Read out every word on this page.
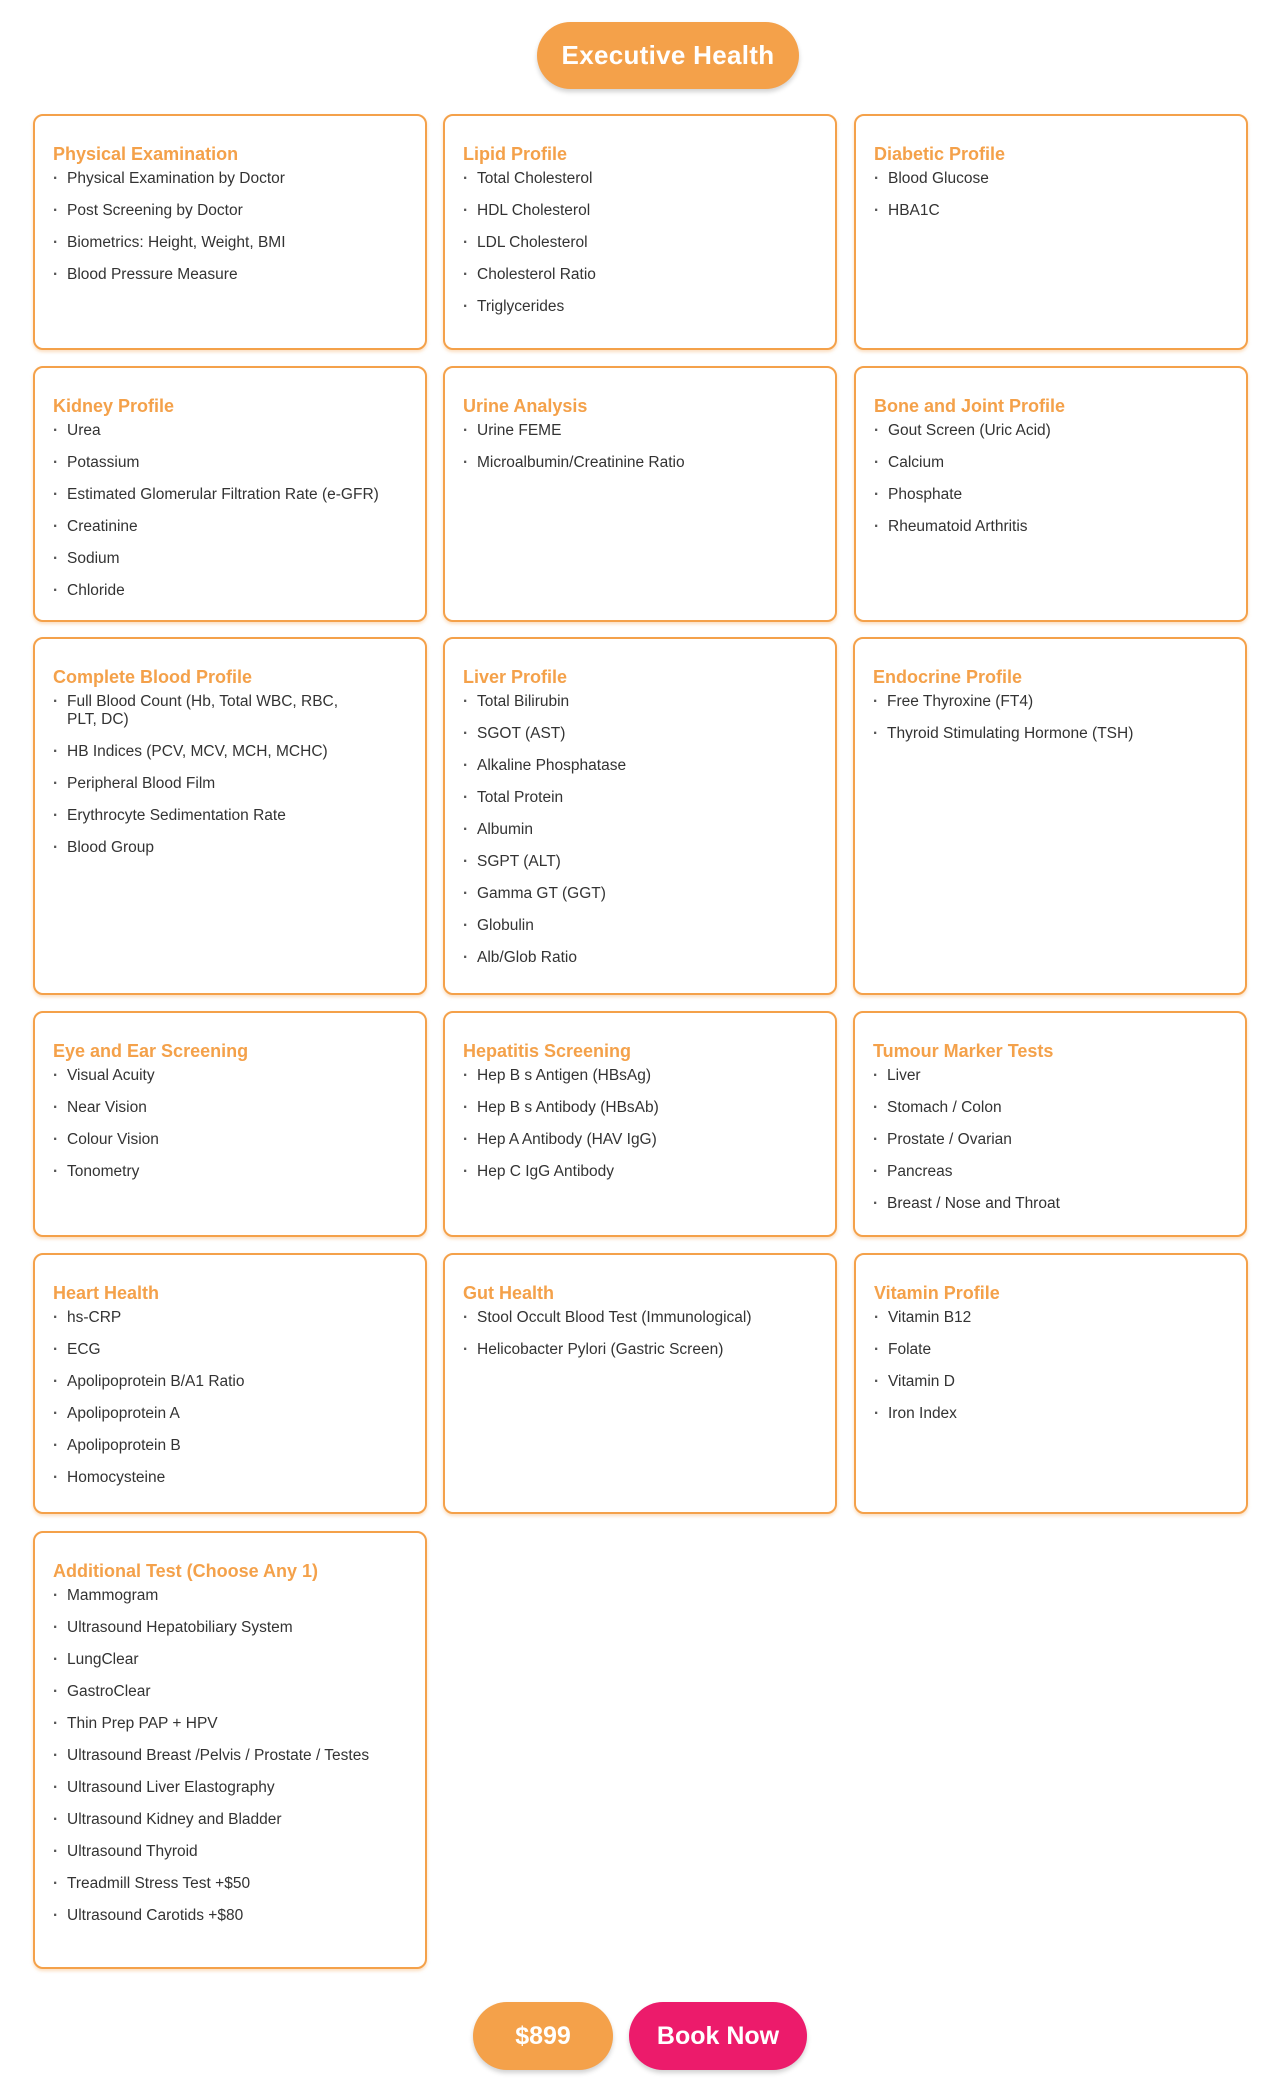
Executive Health
Physical Examination
· Physical Examination by Doctor
· Post Screening by Doctor
· Biometrics: Height, Weight, BMI
· Blood Pressure Measure
Lipid Profile
· Total Cholesterol
· HDL Cholesterol
· LDL Cholesterol
· Cholesterol Ratio
· Triglycerides
Diabetic Profile
· Blood Glucose
· HBA1C
Kidney Profile
· Urea
· Potassium
· Estimated Glomerular Filtration Rate (e-GFR)
· Creatinine
· Sodium
· Chloride
Urine Analysis
· Urine FEME
· Microalbumin/Creatinine Ratio
Bone and Joint Profile
· Gout Screen (Uric Acid)
· Calcium
· Phosphate
· Rheumatoid Arthritis
Complete Blood Profile
· Full Blood Count (Hb, Total WBC, RBC, PLT, DC)
· HB Indices (PCV, MCV, MCH, MCHC)
· Peripheral Blood Film
· Erythrocyte Sedimentation Rate
· Blood Group
Liver Profile
· Total Bilirubin
· SGOT (AST)
· Alkaline Phosphatase
· Total Protein
· Albumin
· SGPT (ALT)
· Gamma GT (GGT)
· Globulin
· Alb/Glob Ratio
Endocrine Profile
· Free Thyroxine (FT4)
· Thyroid Stimulating Hormone (TSH)
Eye and Ear Screening
· Visual Acuity
· Near Vision
· Colour Vision
· Tonometry
Hepatitis Screening
· Hep B s Antigen (HBsAg)
· Hep B s Antibody (HBsAb)
· Hep A Antibody (HAV IgG)
· Hep C IgG Antibody
Tumour Marker Tests
· Liver
· Stomach / Colon
· Prostate / Ovarian
· Pancreas
· Breast / Nose and Throat
Heart Health
· hs-CRP
· ECG
· Apolipoprotein B/A1 Ratio
· Apolipoprotein A
· Apolipoprotein B
· Homocysteine
Gut Health
· Stool Occult Blood Test (Immunological)
· Helicobacter Pylori (Gastric Screen)
Vitamin Profile
· Vitamin B12
· Folate
· Vitamin D
· Iron Index
Additional Test (Choose Any 1)
· Mammogram
· Ultrasound Hepatobiliary System
· LungClear
· GastroClear
· Thin Prep PAP + HPV
· Ultrasound Breast /Pelvis / Prostate / Testes
· Ultrasound Liver Elastography
· Ultrasound Kidney and Bladder
· Ultrasound Thyroid
· Treadmill Stress Test +$50
· Ultrasound Carotids +$80
$899	Book Now
